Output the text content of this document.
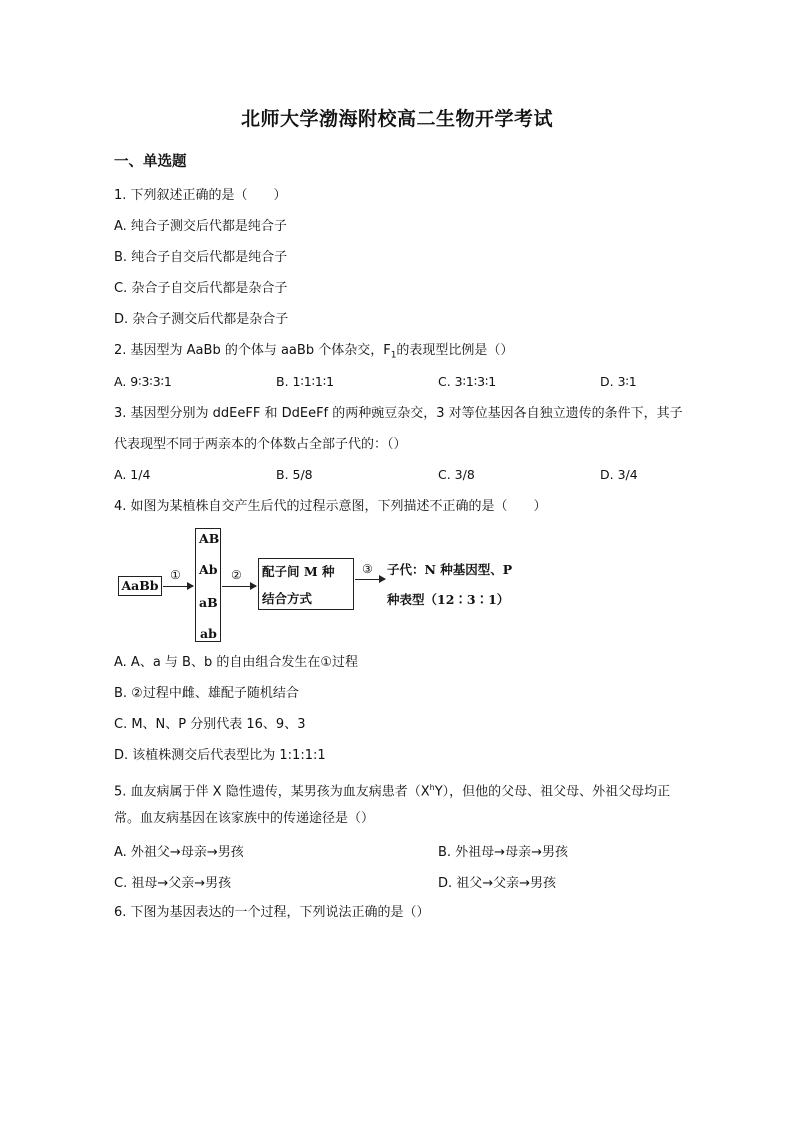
北师大学渤海附校高二生物开学考试
一、单选题
1. 下列叙述正确的是（　　）
A. 纯合子测交后代都是纯合子
B. 纯合子自交后代都是纯合子
C. 杂合子自交后代都是杂合子
D. 杂合子测交后代都是杂合子
2. 基因型为 AaBb 的个体与 aaBb 个体杂交，$F_1$的表现型比例是（）
A. 9∶3∶3∶1	B. 1∶1∶1∶1	C. 3∶1∶3∶1	D. 3∶1
3. 基因型分别为 ddEeFF 和 DdEeFf 的两种豌豆杂交，3 对等位基因各自独立遗传的条件下，其子
代表现型不同于两亲本的个体数占全部子代的：（）
A. 1/4	B. 5/8	C. 3/8	D. 3/4
4. 如图为某植株自交产生后代的过程示意图，下列描述不正确的是（　　）
AaBb
①
AB
Ab
aB
ab
② 配子间 M 种
结合方式
③ 子代：N 种基因型、P
种表型（12∶3∶1）
A. A、a 与 B、b 的自由组合发生在①过程
B. ②过程中雌、雄配子随机结合
C. M、N、P 分别代表 16、9、3
D. 该植株测交后代表型比为 1:1:1:1
5. 血友病属于伴 X 隐性遗传，某男孩为血友病患者$(X^hY)$，但他的父母、祖父母、外祖父母均正
常。血友病基因在该家族中的传递途径是（）
A. 外祖父→母亲→男孩	B. 外祖母→母亲→男孩
C. 祖母→父亲→男孩	D. 祖父→父亲→男孩
6. 下图为基因表达的一个过程，下列说法正确的是（）
